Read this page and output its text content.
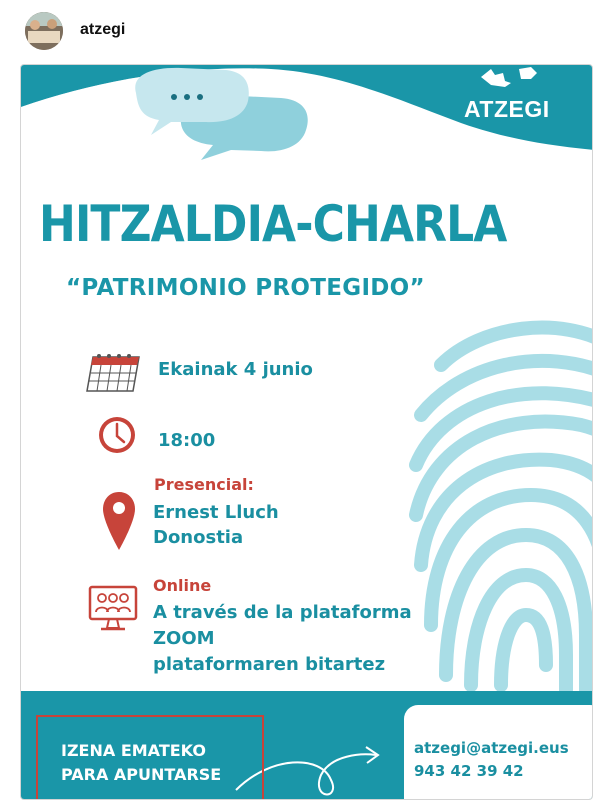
atzegi
ATZEGI
HITZALDIA-CHARLA
“PATRIMONIO PROTEGIDO”
Ekainak 4 junio
18:00
Presencial:
Ernest Lluch
Donostia
Online
A través de la plataforma
ZOOM
plataformaren bitartez
IZENA EMATEKO
PARA APUNTARSE
atzegi@atzegi.eus
943 42 39 42
